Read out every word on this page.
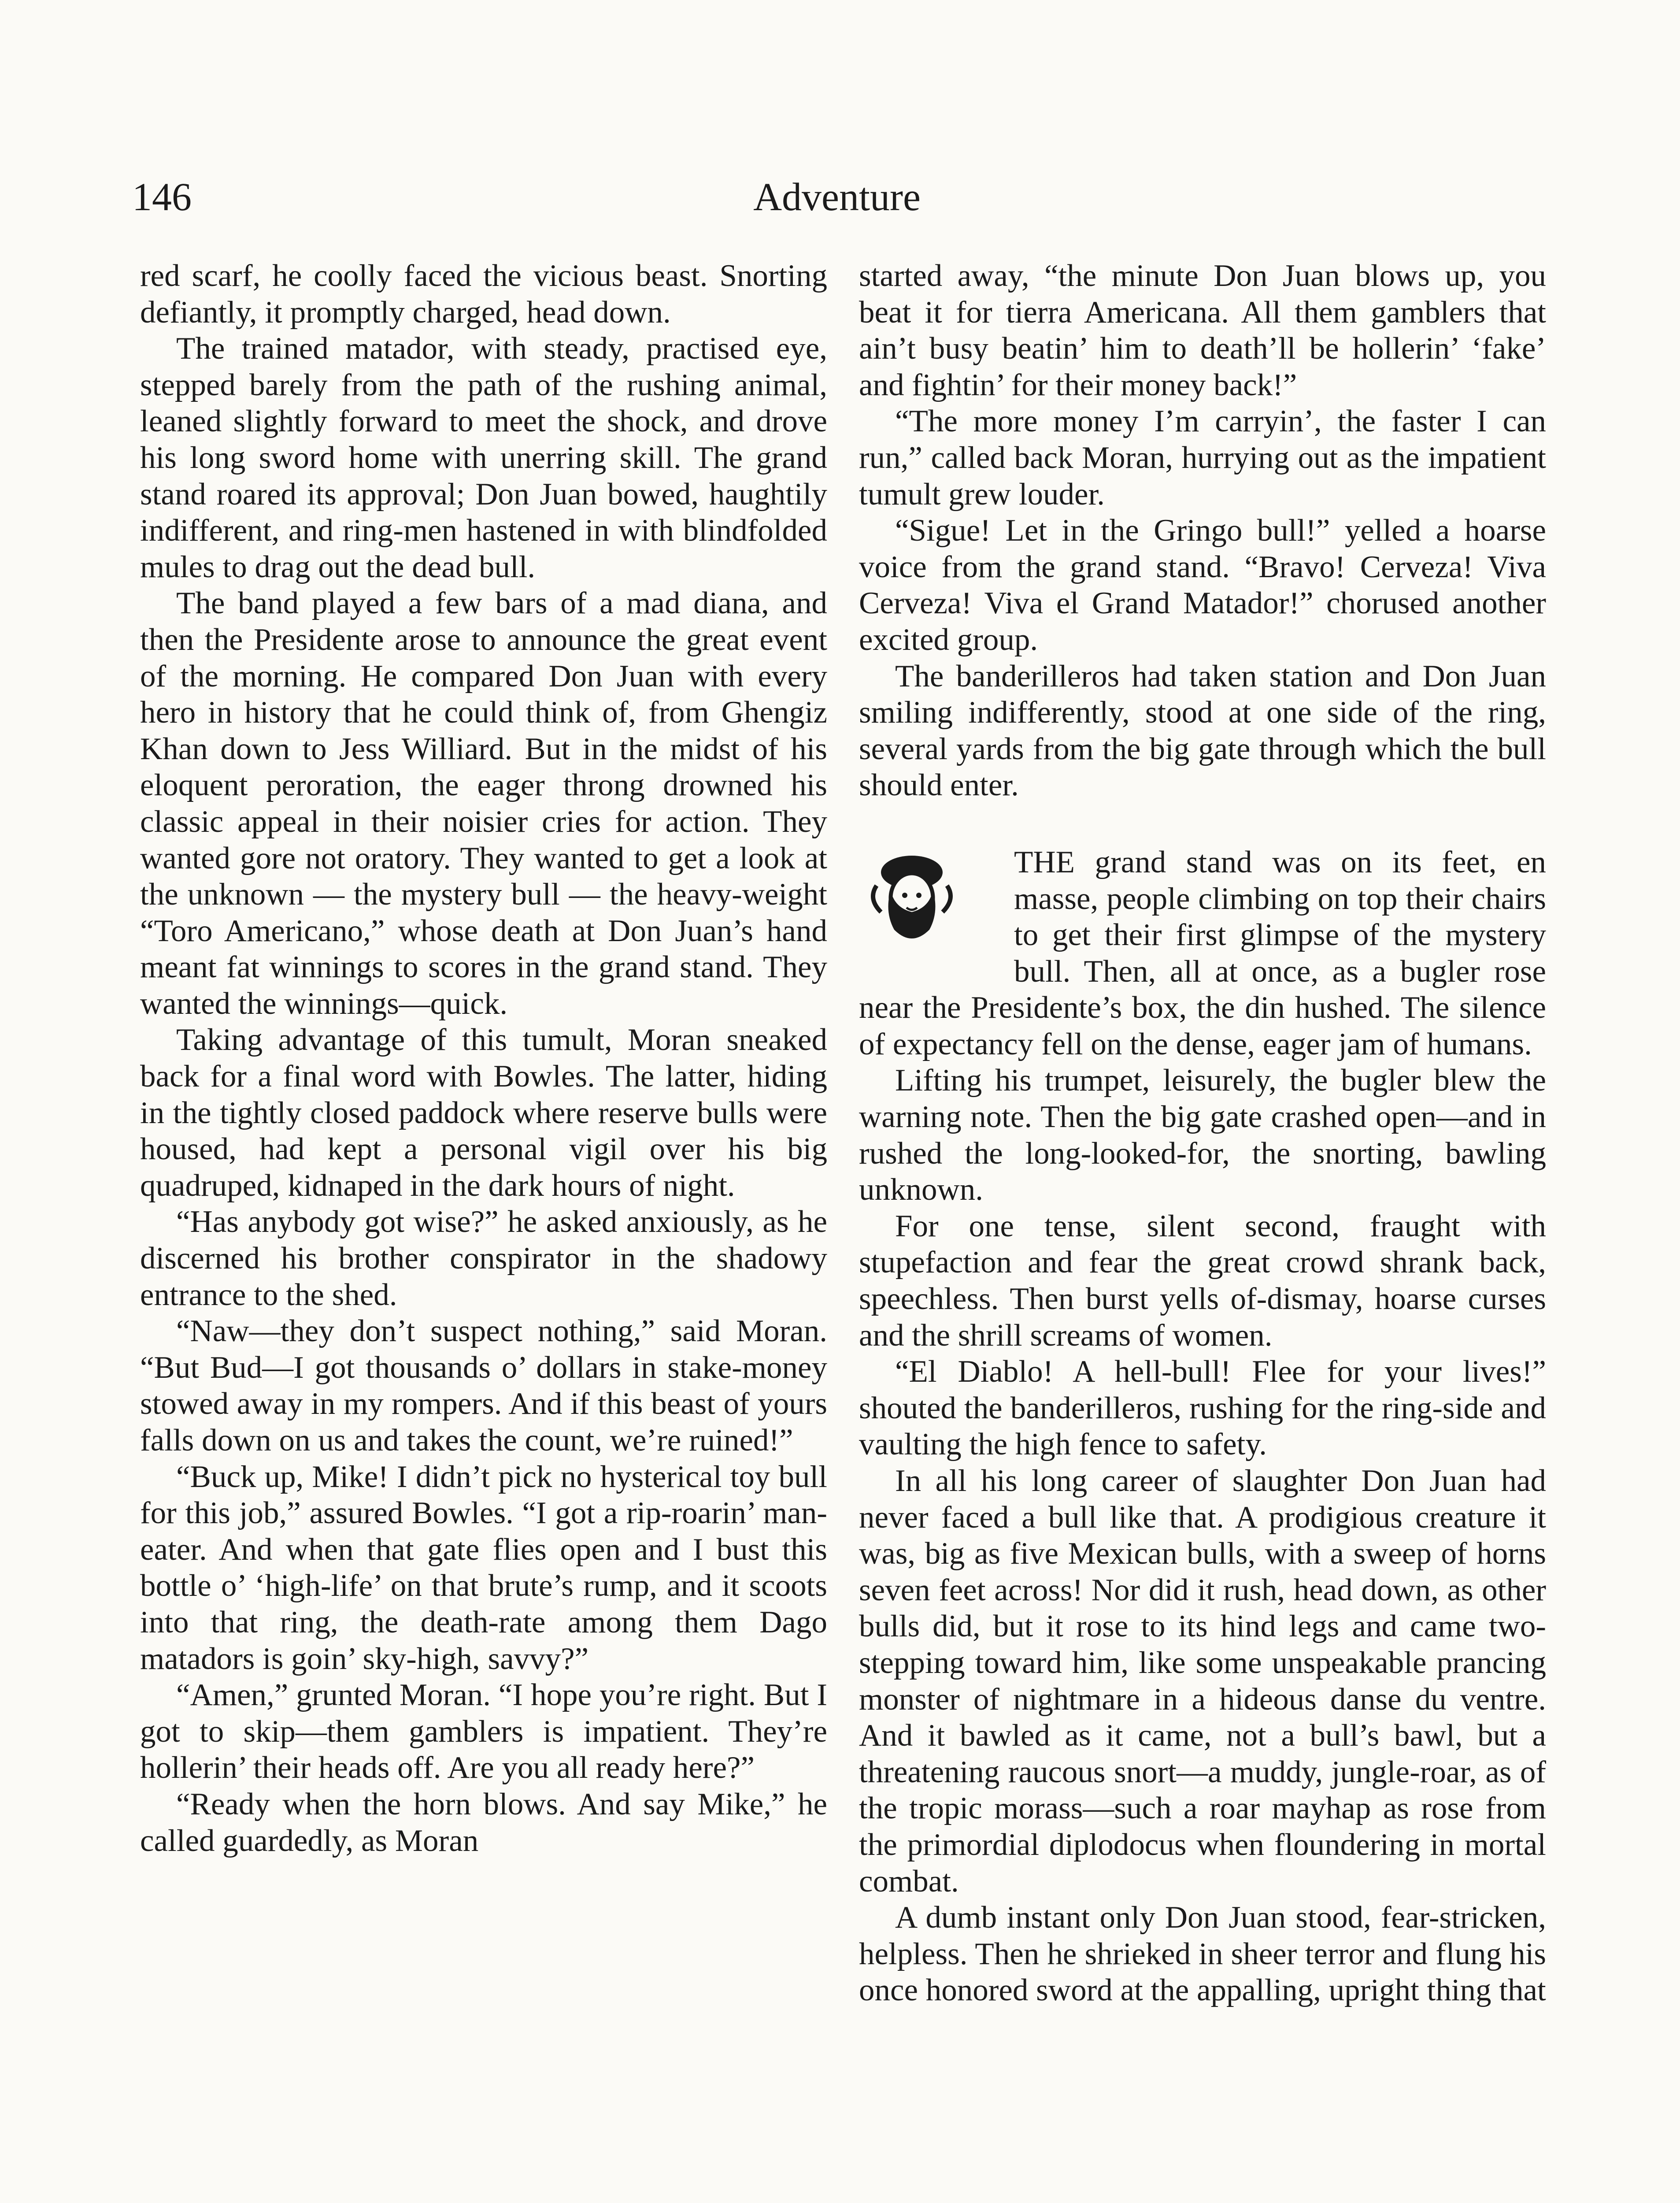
146	Adventure

red scarf, he coolly faced the vicious beast. Snorting defiantly, it promptly charged, head down.

The trained matador, with steady, practised eye, stepped barely from the path of the rushing animal, leaned slightly forward to meet the shock, and drove his long sword home with unerring skill. The grand stand roared its approval; Don Juan bowed, haughtily indifferent, and ring-men hastened in with blindfolded mules to drag out the dead bull.

The band played a few bars of a mad diana, and then the Presidente arose to announce the great event of the morning. He compared Don Juan with every hero in history that he could think of, from Ghengiz Khan down to Jess Williard. But in the midst of his eloquent peroration, the eager throng drowned his classic appeal in their noisier cries for action. They wanted gore not oratory. They wanted to get a look at the unknown — the mystery bull — the heavy-weight “Toro Americano,” whose death at Don Juan’s hand meant fat winnings to scores in the grand stand. They wanted the winnings—quick.

Taking advantage of this tumult, Moran sneaked back for a final word with Bowles. The latter, hiding in the tightly closed paddock where reserve bulls were housed, had kept a personal vigil over his big quadruped, kidnaped in the dark hours of night.

“Has anybody got wise?” he asked anxiously, as he discerned his brother conspirator in the shadowy entrance to the shed.

“Naw—they don’t suspect nothing,” said Moran. “But Bud—I got thousands o’ dollars in stake-money stowed away in my rompers. And if this beast of yours falls down on us and takes the count, we’re ruined!”

“Buck up, Mike! I didn’t pick no hysterical toy bull for this job,” assured Bowles. “I got a rip-roarin’ man-eater. And when that gate flies open and I bust this bottle o’ ‘high-life’ on that brute’s rump, and it scoots into that ring, the death-rate among them Dago matadors is goin’ sky-high, savvy?”

“Amen,” grunted Moran. “I hope you’re right. But I got to skip—them gamblers is impatient. They’re hollerin’ their heads off. Are you all ready here?”

“Ready when the horn blows. And say Mike,” he called guardedly, as Moran

started away, “the minute Don Juan blows up, you beat it for tierra Americana. All them gamblers that ain’t busy beatin’ him to death’ll be hollerin’ ‘fake’ and fightin’ for their money back!”

“The more money I’m carryin’, the faster I can run,” called back Moran, hurrying out as the impatient tumult grew louder.

“Sigue! Let in the Gringo bull!” yelled a hoarse voice from the grand stand. “Bravo! Cerveza! Viva Cerveza! Viva el Grand Matador!” chorused another excited group.

The banderilleros had taken station and Don Juan smiling indifferently, stood at one side of the ring, several yards from the big gate through which the bull should enter.

THE grand stand was on its feet, en masse, people climbing on top their chairs to get their first glimpse of the mystery bull. Then, all at once, as a bugler rose near the Presidente’s box, the din hushed. The silence of expectancy fell on the dense, eager jam of humans.

Lifting his trumpet, leisurely, the bugler blew the warning note. Then the big gate crashed open—and in rushed the long-looked-for, the snorting, bawling unknown.

For one tense, silent second, fraught with stupefaction and fear the great crowd shrank back, speechless. Then burst yells of-dismay, hoarse curses and the shrill screams of women.

“El Diablo! A hell-bull! Flee for your lives!” shouted the banderilleros, rushing for the ring-side and vaulting the high fence to safety.

In all his long career of slaughter Don Juan had never faced a bull like that. A prodigious creature it was, big as five Mexican bulls, with a sweep of horns seven feet across! Nor did it rush, head down, as other bulls did, but it rose to its hind legs and came two-stepping toward him, like some unspeakable prancing monster of nightmare in a hideous danse du ventre. And it bawled as it came, not a bull’s bawl, but a threatening raucous snort—a muddy, jungle-roar, as of the tropic morass—such a roar mayhap as rose from the primordial diplodocus when floundering in mortal combat.

A dumb instant only Don Juan stood, fear-stricken, helpless. Then he shrieked in sheer terror and flung his once honored sword at the appalling, upright thing that
